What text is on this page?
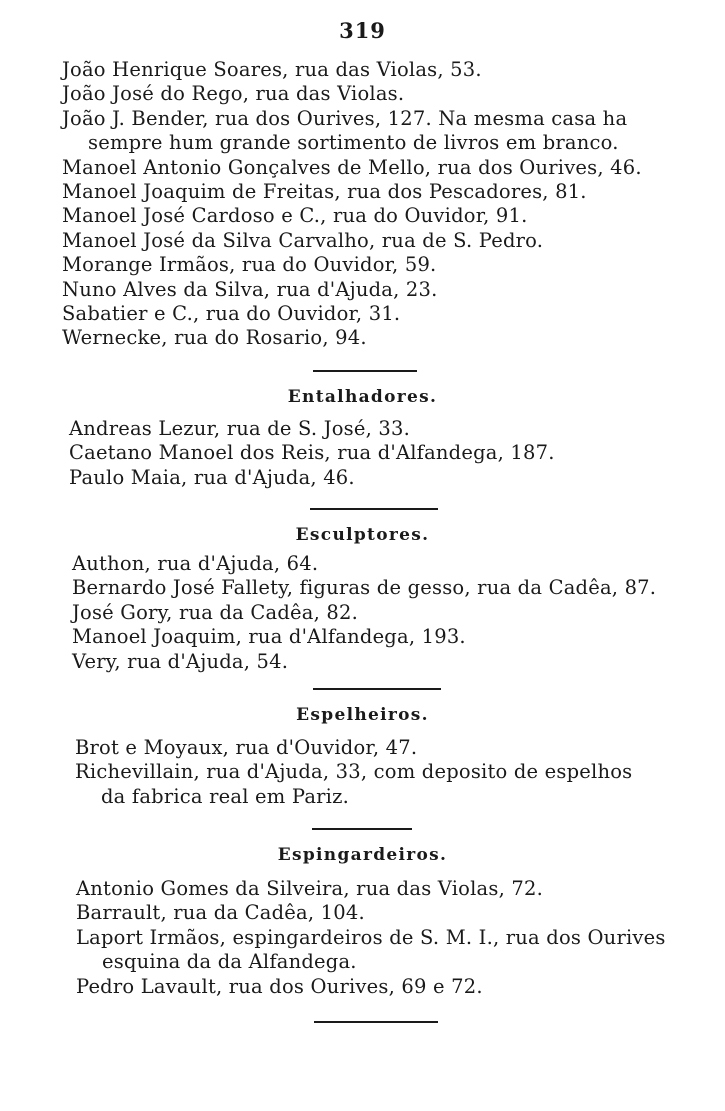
319
João Henrique Soares, rua das Violas, 53.
João José do Rego, rua das Violas.
João J. Bender, rua dos Ourives, 127. Na mesma casa ha
sempre hum grande sortimento de livros em branco.
Manoel Antonio Gonçalves de Mello, rua dos Ourives, 46.
Manoel Joaquim de Freitas, rua dos Pescadores, 81.
Manoel José Cardoso e C., rua do Ouvidor, 91.
Manoel José da Silva Carvalho, rua de S. Pedro.
Morange Irmãos, rua do Ouvidor, 59.
Nuno Alves da Silva, rua d'Ajuda, 23.
Sabatier e C., rua do Ouvidor, 31.
Wernecke, rua do Rosario, 94.
Entalhadores.
Andreas Lezur, rua de S. José, 33.
Caetano Manoel dos Reis, rua d'Alfandega, 187.
Paulo Maia, rua d'Ajuda, 46.
Esculptores.
Authon, rua d'Ajuda, 64.
Bernardo José Fallety, figuras de gesso, rua da Cadêa, 87.
José Gory, rua da Cadêa, 82.
Manoel Joaquim, rua d'Alfandega, 193.
Very, rua d'Ajuda, 54.
Espelheiros.
Brot e Moyaux, rua d'Ouvidor, 47.
Richevillain, rua d'Ajuda, 33, com deposito de espelhos
da fabrica real em Pariz.
Espingardeiros.
Antonio Gomes da Silveira, rua das Violas, 72.
Barrault, rua da Cadêa, 104.
Laport Irmãos, espingardeiros de S. M. I., rua dos Ourives
esquina da da Alfandega.
Pedro Lavault, rua dos Ourives, 69 e 72.
